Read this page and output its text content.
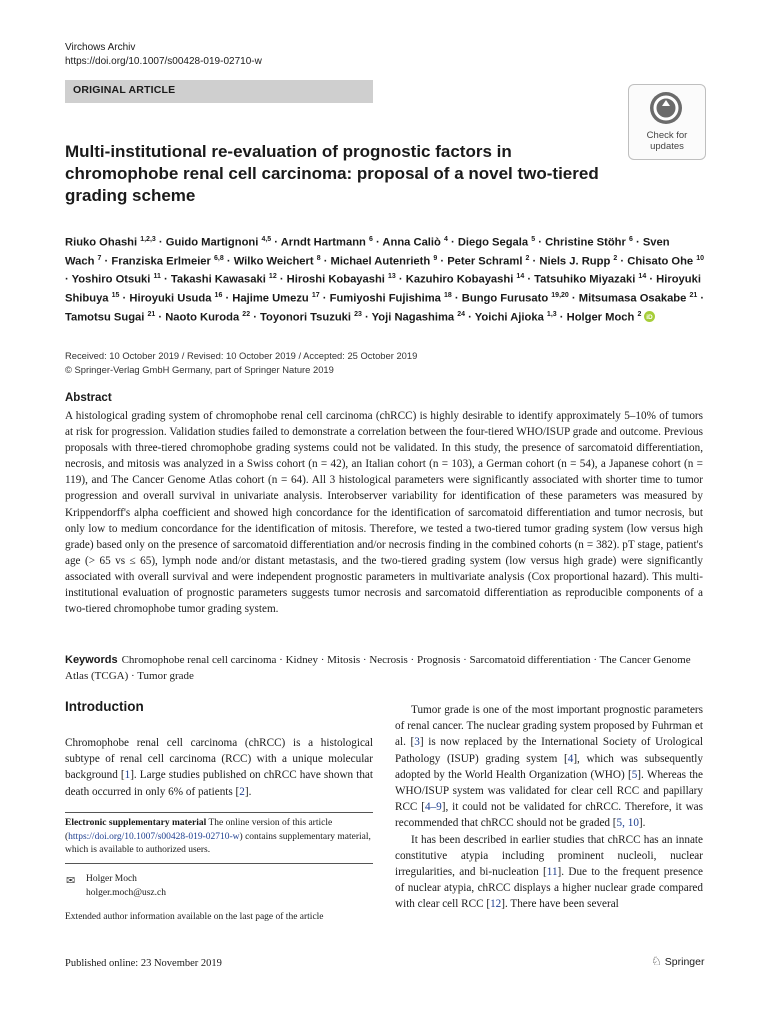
Virchows Archiv
https://doi.org/10.1007/s00428-019-02710-w
ORIGINAL ARTICLE
Check for
updates
Multi-institutional re-evaluation of prognostic factors in chromophobe renal cell carcinoma: proposal of a novel two-tiered grading scheme
Riuko Ohashi $^{1,2,3}$ · Guido Martignoni $^{4,5}$ · Arndt Hartmann $^6$ · Anna Caliò $^4$ · Diego Segala $^5$ · Christine Stöhr $^6$ · Sven Wach $^7$ · Franziska Erlmeier $^{6,8}$ · Wilko Weichert $^8$ · Michael Autenrieth $^9$ · Peter Schraml $^2$ · Niels J. Rupp $^2$ · Chisato Ohe $^{10}$ · Yoshiro Otsuki $^{11}$ · Takashi Kawasaki $^{12}$ · Hiroshi Kobayashi $^{13}$ · Kazuhiro Kobayashi $^{14}$ · Tatsuhiko Miyazaki $^{14}$ · Hiroyuki Shibuya $^{15}$ · Hiroyuki Usuda $^{16}$ · Hajime Umezu $^{17}$ · Fumiyoshi Fujishima $^{18}$ · Bungo Furusato $^{19,20}$ · Mitsumasa Osakabe $^{21}$ · Tamotsu Sugai $^{21}$ · Naoto Kuroda $^{22}$ · Toyonori Tsuzuki $^{23}$ · Yoji Nagashima $^{24}$ · Yoichi Ajioka $^{1,3}$ · Holger Moch $^2$ iD
Received: 10 October 2019 / Revised: 10 October 2019 / Accepted: 25 October 2019
© Springer-Verlag GmbH Germany, part of Springer Nature 2019
Abstract
A histological grading system of chromophobe renal cell carcinoma (chRCC) is highly desirable to identify approximately 5–10% of tumors at risk for progression. Validation studies failed to demonstrate a correlation between the four-tiered WHO/ISUP grade and outcome. Previous proposals with three-tiered chromophobe grading systems could not be validated. In this study, the presence of sarcomatoid differentiation, necrosis, and mitosis was analyzed in a Swiss cohort (n = 42), an Italian cohort (n = 103), a German cohort (n = 54), a Japanese cohort (n = 119), and The Cancer Genome Atlas cohort (n = 64). All 3 histological parameters were significantly associated with shorter time to tumor progression and overall survival in univariate analysis. Interobserver variability for identification of these parameters was measured by Krippendorff's alpha coefficient and showed high concordance for the identification of sarcomatoid differentiation and tumor necrosis, but only low to medium concordance for the identification of mitosis. Therefore, we tested a two-tiered tumor grading system (low versus high grade) based only on the presence of sarcomatoid differentiation and/or necrosis finding in the combined cohorts (n = 382). pT stage, patient's age (> 65 vs ≤ 65), lymph node and/or distant metastasis, and the two-tiered grading system (low versus high grade) were significantly associated with overall survival and were independent prognostic parameters in multivariate analysis (Cox proportional hazard). This multi-institutional evaluation of prognostic parameters suggests tumor necrosis and sarcomatoid differentiation as reproducible components of a two-tiered chromophobe tumor grading system.
Keywords Chromophobe renal cell carcinoma · Kidney · Mitosis · Necrosis · Prognosis · Sarcomatoid differentiation · The Cancer Genome Atlas (TCGA) · Tumor grade
Introduction
Chromophobe renal cell carcinoma (chRCC) is a histological subtype of renal cell carcinoma (RCC) with a unique molecular background [1]. Large studies published on chRCC have shown that death occurred in only 6% of patients [2].

Tumor grade is one of the most important prognostic parameters of renal cancer. The nuclear grading system proposed by Fuhrman et al. [3] is now replaced by the International Society of Urological Pathology (ISUP) grading system [4], which was subsequently adopted by the World Health Organization (WHO) [5]. Whereas the WHO/ISUP system was validated for clear cell RCC and papillary RCC [4–9], it could not be validated for chRCC. Therefore, it was recommended that chRCC should not be graded [5, 10].

It has been described in earlier studies that chRCC has an innate constitutive atypia including prominent nucleoli, nuclear irregularities, and bi-nucleation [11]. Due to the frequent presence of nuclear atypia, chRCC displays a higher nuclear grade compared with clear cell RCC [12]. There have been several

Electronic supplementary material The online version of this article (https://doi.org/10.1007/s00428-019-02710-w) contains supplementary material, which is available to authorized users.
✉ Holger Moch
holger.moch@usz.ch
Extended author information available on the last page of the article
Published online: 23 November 2019	♘ Springer
